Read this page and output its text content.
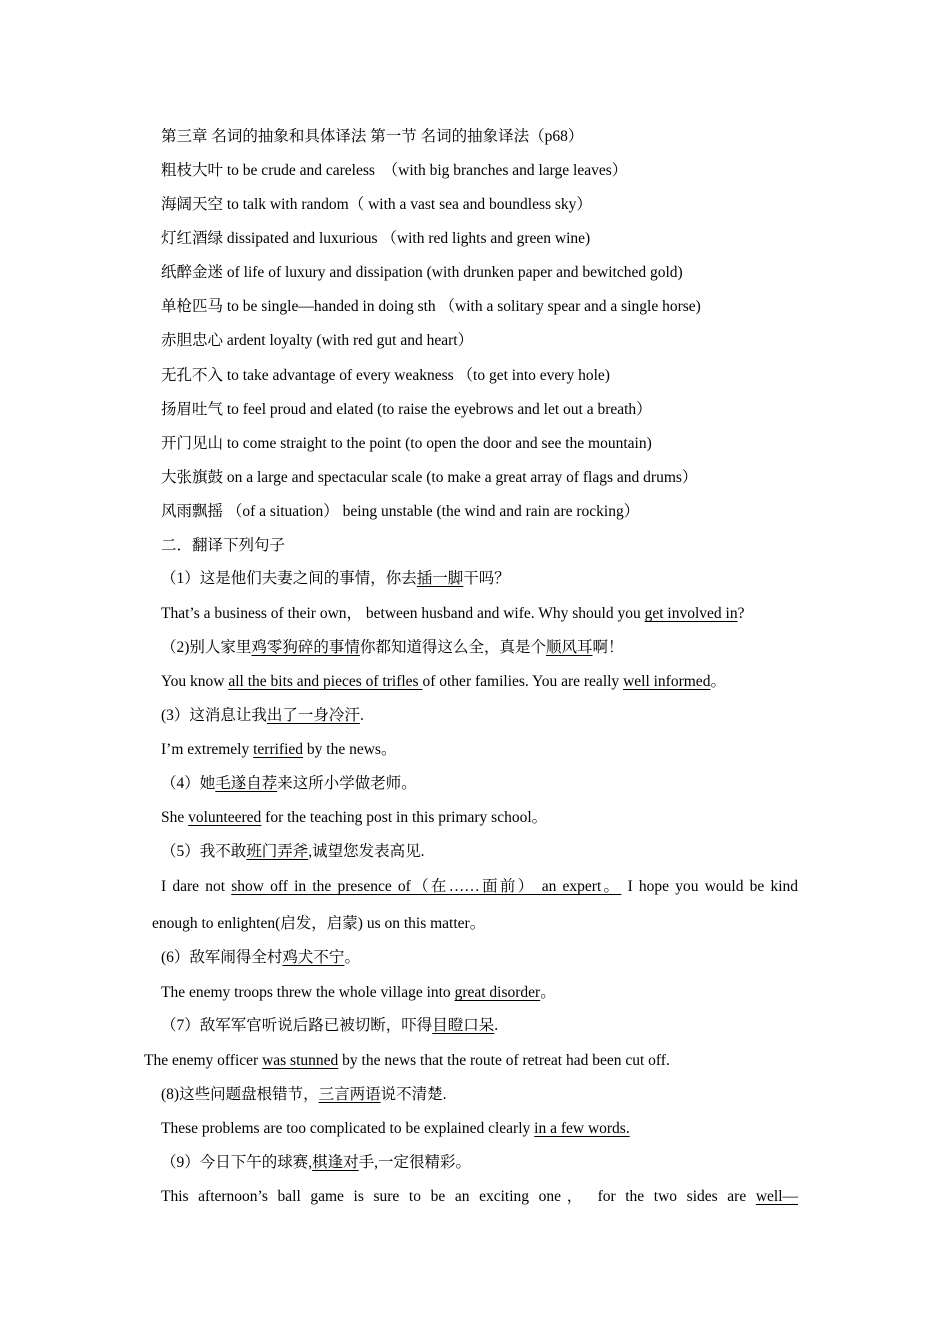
第三章 名词的抽象和具体译法 第一节 名词的抽象译法（p68）
粗枝大叶 to be crude and careless　（with big branches and large leaves）
海阔天空 to talk with random（ with a vast sea and boundless sky）
灯红酒绿 dissipated and luxurious （with red lights and green wine)
纸醉金迷 of life of luxury and dissipation (with drunken paper and bewitched gold)
单枪匹马 to be single—handed in doing sth （with a solitary spear and a single horse)
赤胆忠心 ardent loyalty (with red gut and heart）
无孔不入 to take advantage of every weakness （to get into every hole)
扬眉吐气 to feel proud and elated (to raise the eyebrows and let out a breath）
开门见山 to come straight to the point (to open the door and see the mountain)
大张旗鼓 on a large and spectacular scale (to make a great array of flags and drums）
风雨飘摇 （of a situation） being unstable (the wind and rain are rocking）
二．翻译下列句子
（1）这是他们夫妻之间的事情，你去插一脚干吗？
That’s a business of their own， between husband and wife. Why should you get involved in?
（2)别人家里鸡零狗碎的事情你都知道得这么全，真是个顺风耳啊！
You know all the bits and pieces of trifles of other families. You are really well informed。
(3）这消息让我出了一身冷汗.
I’m extremely terrified by the news。
（4）她毛遂自荐来这所小学做老师。
She volunteered for the teaching post in this primary school。
（5）我不敢班门弄斧,诚望您发表高见.
I dare not show off in the presence of（在……面前） an expert。 I hope you would be kind
enough to enlighten(启发，启蒙) us on this matter。
(6）敌军闹得全村鸡犬不宁。
The enemy troops threw the whole village into great disorder。
（7）敌军军官听说后路已被切断，吓得目瞪口呆.
The enemy officer was stunned by the news that the route of retreat had been cut off.
(8)这些问题盘根错节，三言两语说不清楚.
These problems are too complicated to be explained clearly in a few words.
（9）今日下午的球赛,棋逢对手,一定很精彩。
This afternoon’s ball game is sure to be an exciting one， for the two sides are well—
